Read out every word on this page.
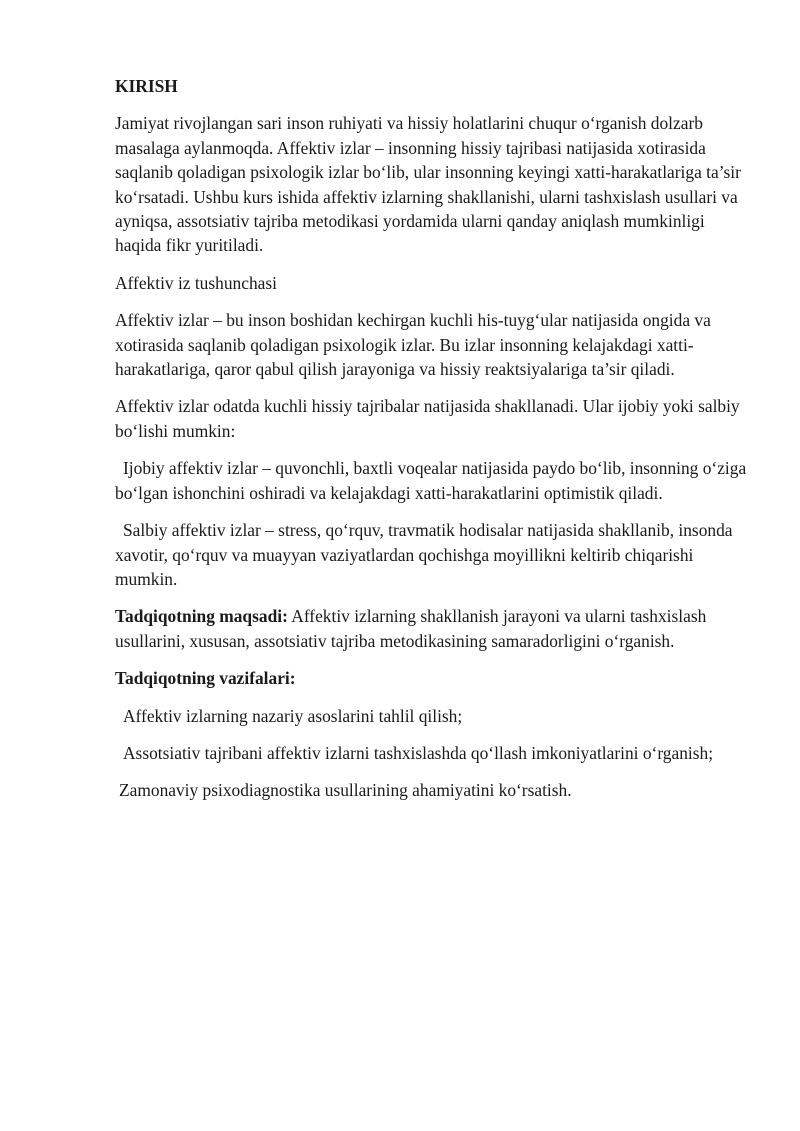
KIRISH

Jamiyat rivojlangan sari inson ruhiyati va hissiy holatlarini chuqur o‘rganish dolzarb masalaga aylanmoqda. Affektiv izlar – insonning hissiy tajribasi natijasida xotirasida saqlanib qoladigan psixologik izlar bo‘lib, ular insonning keyingi xatti-harakatlariga ta’sir ko‘rsatadi. Ushbu kurs ishida affektiv izlarning shakllanishi, ularni tashxislash usullari va ayniqsa, assotsiativ tajriba metodikasi yordamida ularni qanday aniqlash mumkinligi haqida fikr yuritiladi.

Affektiv iz tushunchasi

Affektiv izlar – bu inson boshidan kechirgan kuchli his-tuyg‘ular natijasida ongida va xotirasida saqlanib qoladigan psixologik izlar. Bu izlar insonning kelajakdagi xatti-harakatlariga, qaror qabul qilish jarayoniga va hissiy reaktsiyalariga ta’sir qiladi.

Affektiv izlar odatda kuchli hissiy tajribalar natijasida shakllanadi. Ular ijobiy yoki salbiy bo‘lishi mumkin:

Ijobiy affektiv izlar – quvonchli, baxtli voqealar natijasida paydo bo‘lib, insonning o‘ziga bo‘lgan ishonchini oshiradi va kelajakdagi xatti-harakatlarini optimistik qiladi.

Salbiy affektiv izlar – stress, qo‘rquv, travmatik hodisalar natijasida shakllanib, insonda xavotir, qo‘rquv va muayyan vaziyatlardan qochishga moyillikni keltirib chiqarishi mumkin.

Tadqiqotning maqsadi: Affektiv izlarning shakllanish jarayoni va ularni tashxislash usullarini, xususan, assotsiativ tajriba metodikasining samaradorligini o‘rganish.

Tadqiqotning vazifalari:

Affektiv izlarning nazariy asoslarini tahlil qilish;

Assotsiativ tajribani affektiv izlarni tashxislashda qo‘llash imkoniyatlarini o‘rganish;

Zamonaviy psixodiagnostika usullarining ahamiyatini ko‘rsatish.
